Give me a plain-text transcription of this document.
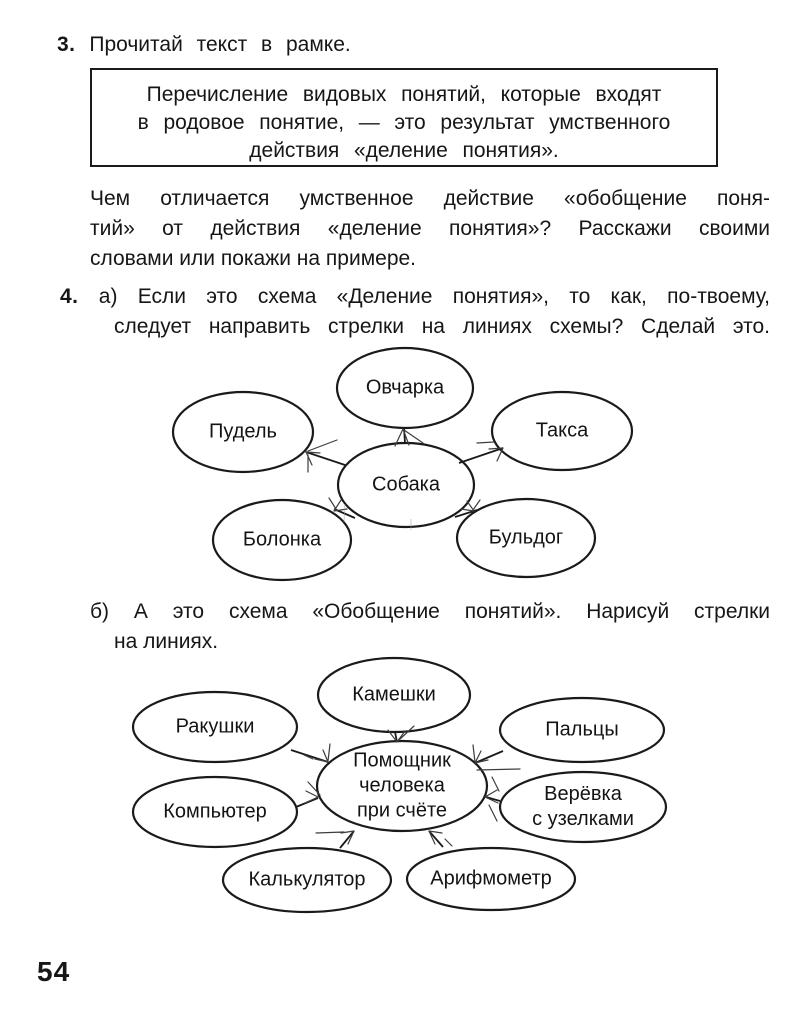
3. Прочитай текст в рамке.
Перечисление видовых понятий, которые входят
в родовое понятие, — это результат умственного
действия «деление понятия».
Чем отличается умственное действие «обобщение поня-
тий» от действия «деление понятия»? Расскажи своими
словами или покажи на примере.
4. а) Если это схема «Деление понятия», то как, по-твоему,
следует направить стрелки на линиях схемы? Сделай это.
Овчарка
Пудель	Такса
Собака
Болонка	Бульдог
б) А это схема «Обобщение понятий». Нарисуй стрелки
на линиях.
Камешки
Ракушки	Пальцы
Помощник
человека
при счёте
Компьютер
Верёвка
с узелками
Калькулятор	Арифмометр
54
